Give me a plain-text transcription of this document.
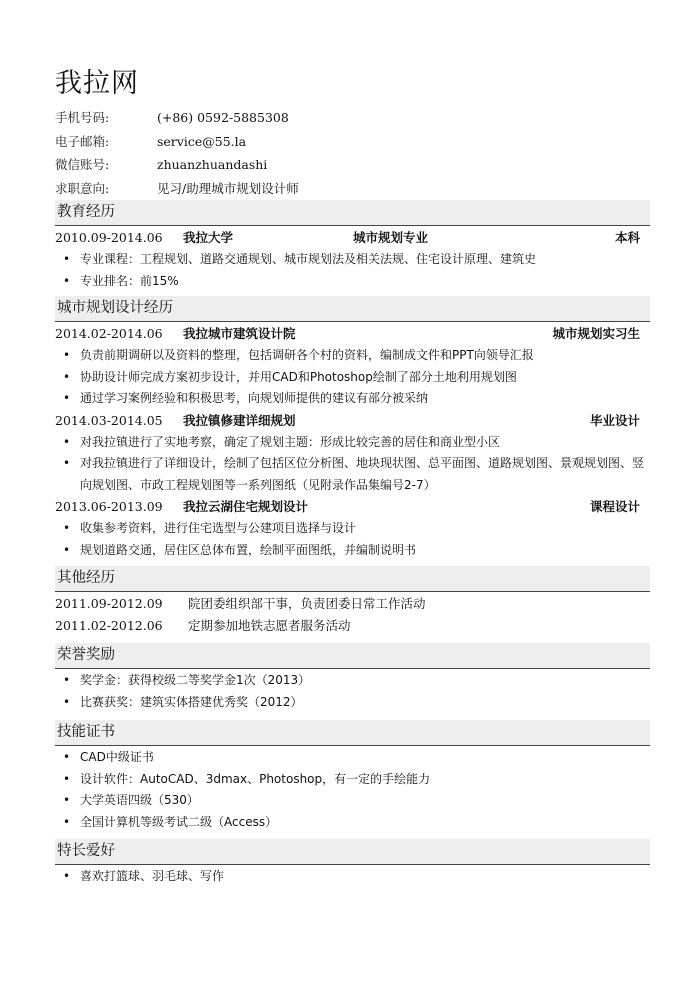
我拉网
手机号码:	(+86) 0592-5885308
电子邮箱:	service@55.la
微信账号:	zhuanzhuandashi
求职意向:	见习/助理城市规划设计师
教育经历
2010.09-2014.06 我拉大学	城市规划专业	本科
• 专业课程：工程规划、道路交通规划、城市规划法及相关法规、住宅设计原理、建筑史
• 专业排名：前15%
城市规划设计经历
2014.02-2014.06 我拉城市建筑设计院	城市规划实习生
• 负责前期调研以及资料的整理，包括调研各个村的资料，编制成文件和PPT向领导汇报
• 协助设计师完成方案初步设计，并用CAD和Photoshop绘制了部分土地利用规划图
• 通过学习案例经验和积极思考，向规划师提供的建议有部分被采纳
2014.03-2014.05 我拉镇修建详细规划	毕业设计
• 对我拉镇进行了实地考察，确定了规划主题：形成比较完善的居住和商业型小区
• 对我拉镇进行了详细设计，绘制了包括区位分析图、地块现状图、总平面图、道路规划图、景观规划图、竖向规划图、市政工程规划图等一系列图纸（见附录作品集编号2-7）
2013.06-2013.09 我拉云湖住宅规划设计	课程设计
• 收集参考资料，进行住宅选型与公建项目选择与设计
• 规划道路交通，居住区总体布置，绘制平面图纸，并编制说明书
其他经历
2011.09-2012.09 院团委组织部干事，负责团委日常工作活动
2011.02-2012.06 定期参加地铁志愿者服务活动
荣誉奖励
• 奖学金：获得校级二等奖学金1次（2013）
• 比赛获奖：建筑实体搭建优秀奖（2012）
技能证书
• CAD中级证书
• 设计软件：AutoCAD、3dmax、Photoshop，有一定的手绘能力
• 大学英语四级（530）
• 全国计算机等级考试二级（Access）
特长爱好
• 喜欢打篮球、羽毛球、写作
